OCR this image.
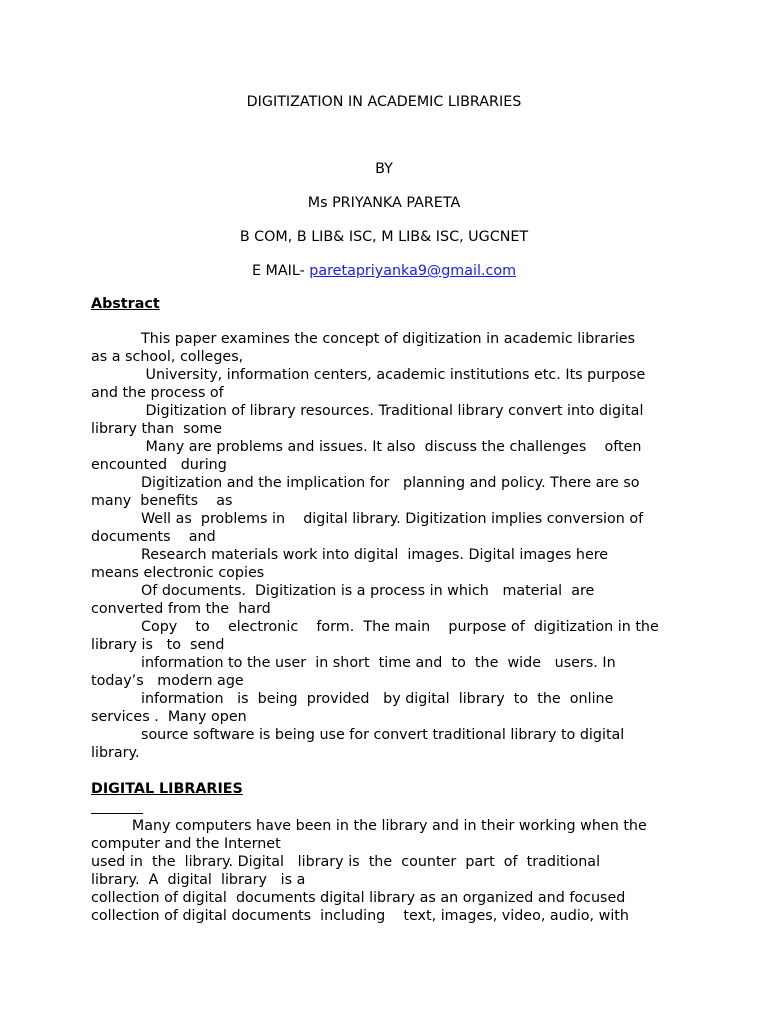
DIGITIZATION IN ACADEMIC LIBRARIES
BY
Ms PRIYANKA PARETA
B COM, B LIB& ISC, M LIB& ISC, UGCNET
E MAIL- paretapriyanka9@gmail.com
Abstract
This paper examines the concept of digitization in academic libraries
as a school, colleges,
University, information centers, academic institutions etc. Its purpose
and the process of
Digitization of library resources. Traditional library convert into digital
library than  some
Many are problems and issues. It also  discuss the challenges    often
encounted   during
Digitization and the implication for   planning and policy. There are so
many  benefits    as
Well as  problems in    digital library. Digitization implies conversion of
documents    and
Research materials work into digital  images. Digital images here
means electronic copies
Of documents.  Digitization is a process in which   material  are
converted from the  hard
Copy    to    electronic    form.  The main    purpose of  digitization in the
library is   to  send
information to the user  in short  time and  to  the  wide   users. In
today’s   modern age
information   is  being  provided   by digital  library  to  the  online
services .  Many open
source software is being use for convert traditional library to digital
library.
DIGITAL LIBRARIES
Many computers have been in the library and in their working when the
computer and the Internet
used in  the  library. Digital   library is  the  counter  part  of  traditional
library.  A  digital  library   is a
collection of digital  documents digital library as an organized and focused
collection of digital documents  including    text, images, video, audio, with
